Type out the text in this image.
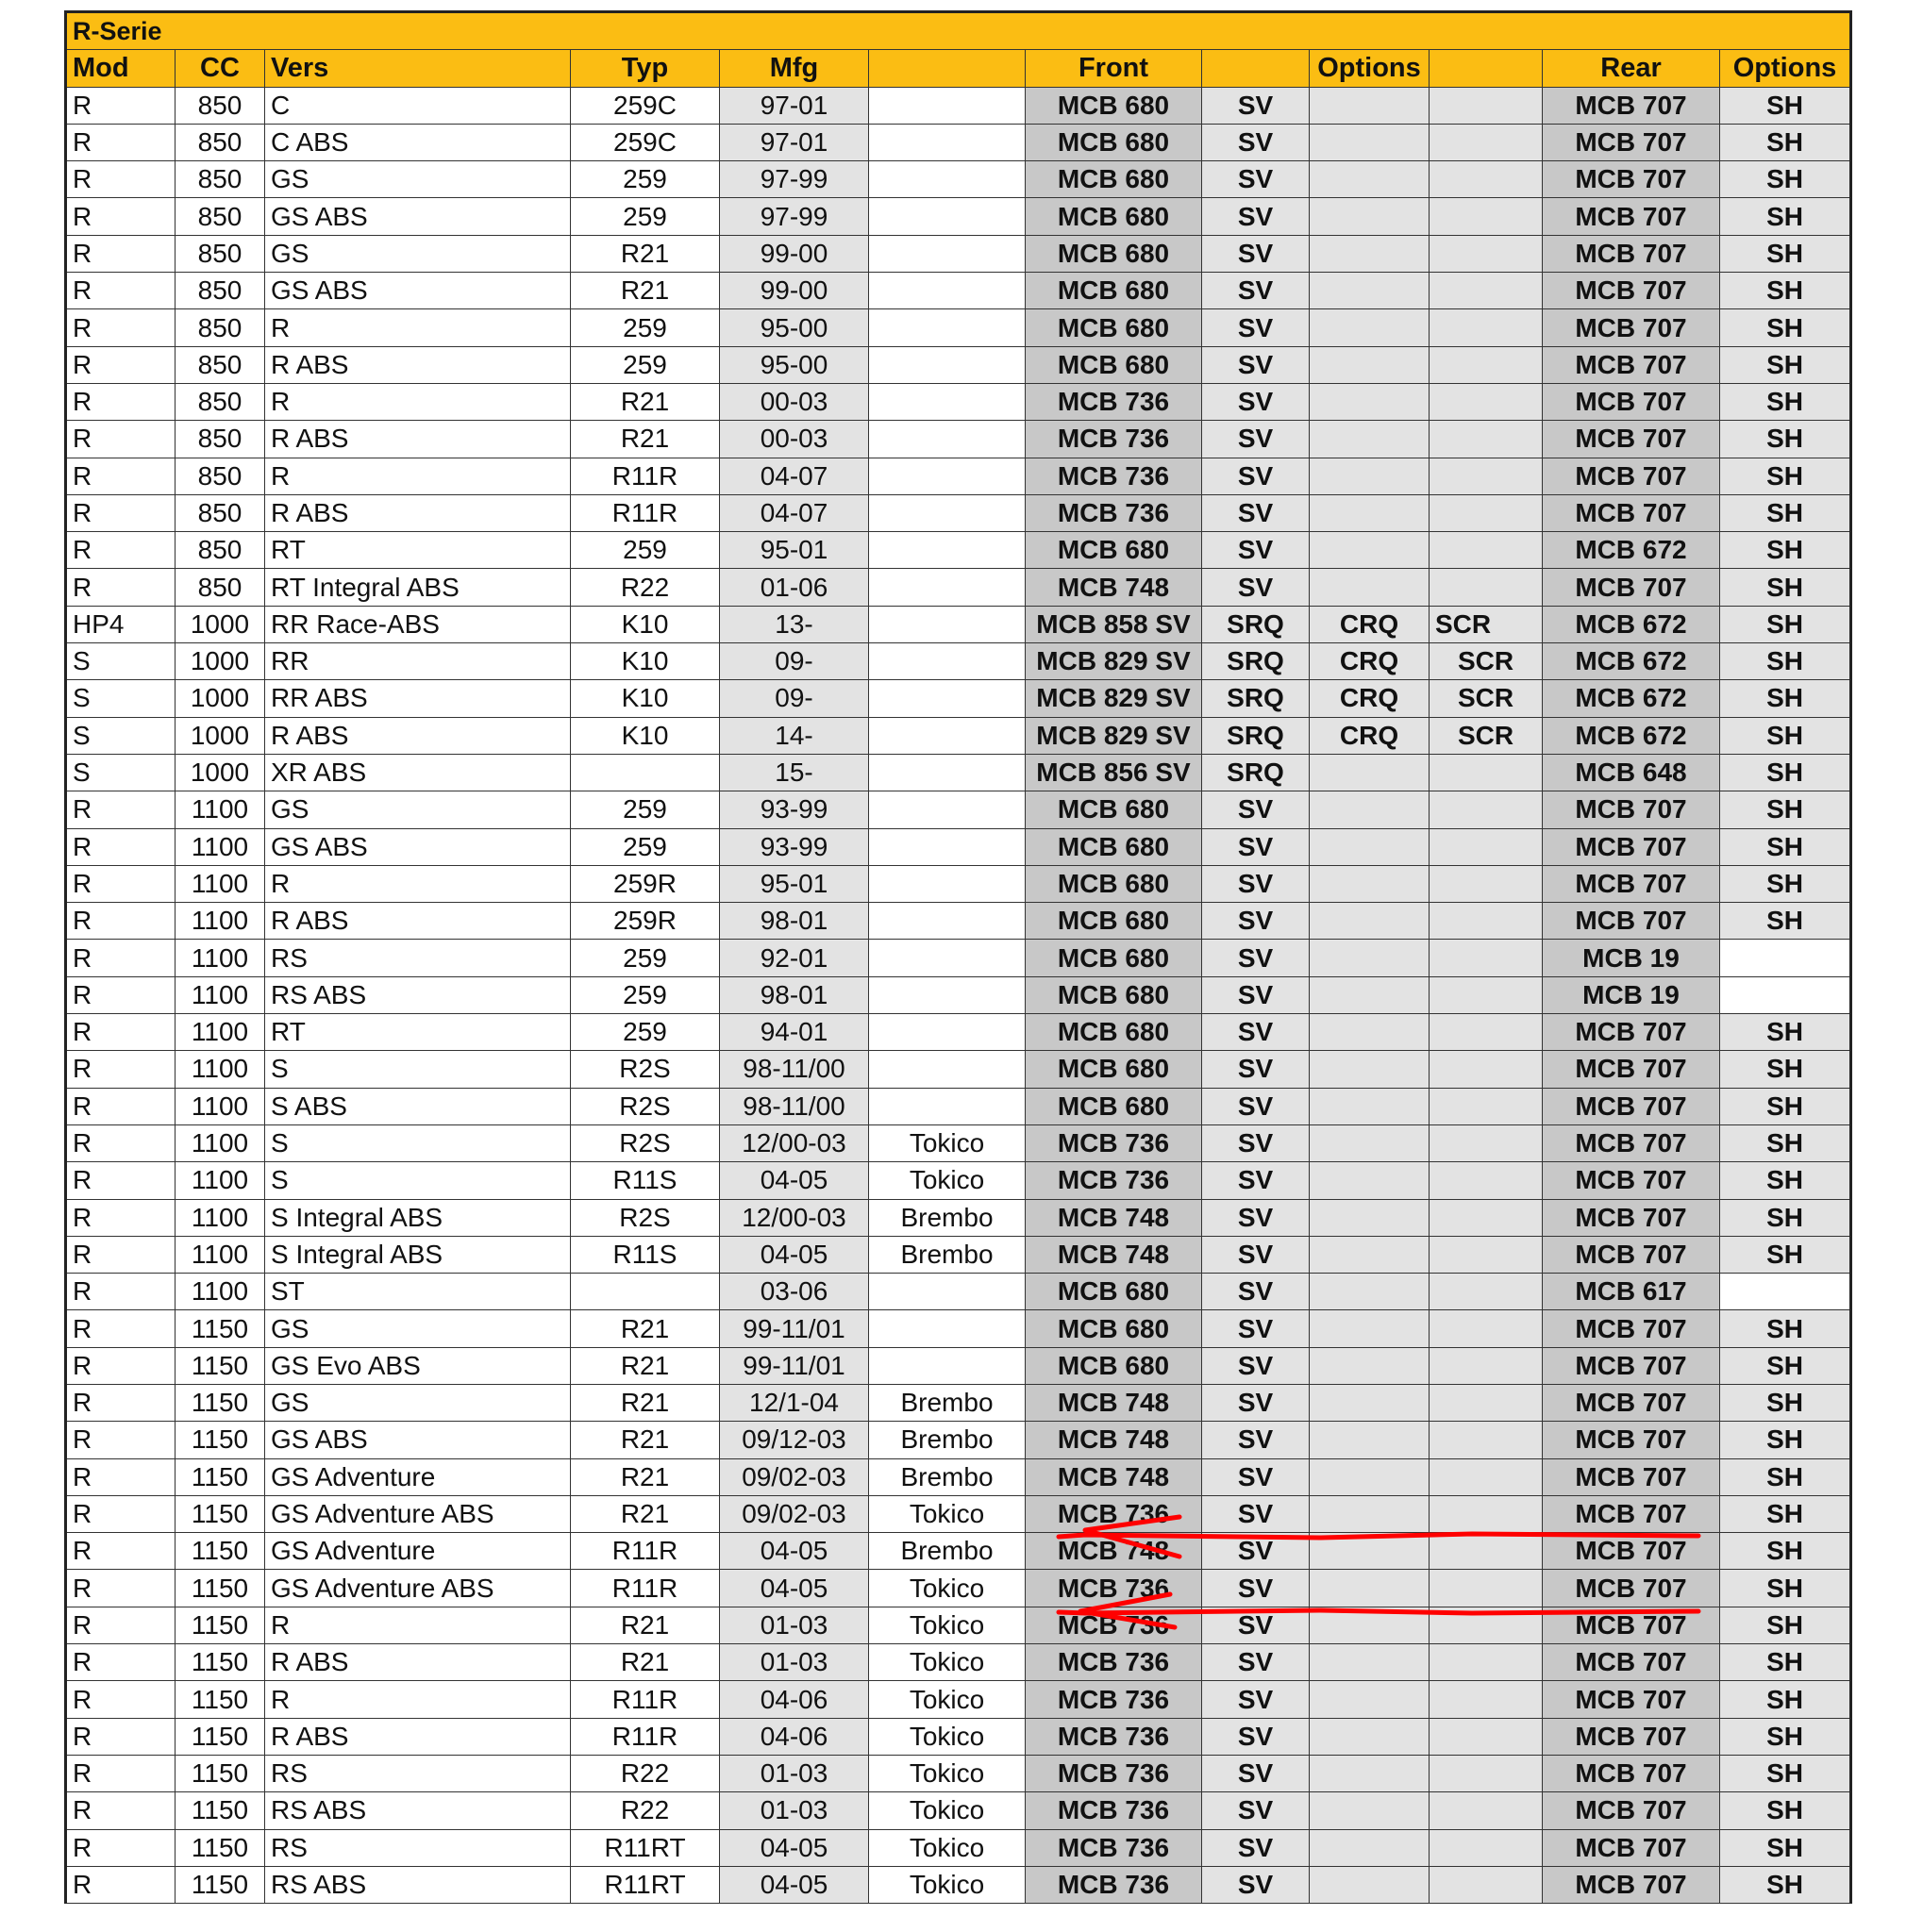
R-Serie											
Mod	CC	Vers	Typ	Mfg		Front		Options		Rear	Options
R	850	C	259C	97-01		MCB 680	SV			MCB 707	SH
R	850	C ABS	259C	97-01		MCB 680	SV			MCB 707	SH
R	850	GS	259	97-99		MCB 680	SV			MCB 707	SH
R	850	GS ABS	259	97-99		MCB 680	SV			MCB 707	SH
R	850	GS	R21	99-00		MCB 680	SV			MCB 707	SH
R	850	GS ABS	R21	99-00		MCB 680	SV			MCB 707	SH
R	850	R	259	95-00		MCB 680	SV			MCB 707	SH
R	850	R ABS	259	95-00		MCB 680	SV			MCB 707	SH
R	850	R	R21	00-03		MCB 736	SV			MCB 707	SH
R	850	R ABS	R21	00-03		MCB 736	SV			MCB 707	SH
R	850	R	R11R	04-07		MCB 736	SV			MCB 707	SH
R	850	R ABS	R11R	04-07		MCB 736	SV			MCB 707	SH
R	850	RT	259	95-01		MCB 680	SV			MCB 672	SH
R	850	RT Integral ABS	R22	01-06		MCB 748	SV			MCB 707	SH
HP4	1000	RR Race-ABS	K10	13-		MCB 858 SV	SRQ	CRQ	SCR	MCB 672	SH
S	1000	RR	K10	09-		MCB 829 SV	SRQ	CRQ	SCR	MCB 672	SH
S	1000	RR ABS	K10	09-		MCB 829 SV	SRQ	CRQ	SCR	MCB 672	SH
S	1000	R ABS	K10	14-		MCB 829 SV	SRQ	CRQ	SCR	MCB 672	SH
S	1000	XR ABS		15-		MCB 856 SV	SRQ			MCB 648	SH
R	1100	GS	259	93-99		MCB 680	SV			MCB 707	SH
R	1100	GS ABS	259	93-99		MCB 680	SV			MCB 707	SH
R	1100	R	259R	95-01		MCB 680	SV			MCB 707	SH
R	1100	R ABS	259R	98-01		MCB 680	SV			MCB 707	SH
R	1100	RS	259	92-01		MCB 680	SV			MCB 19	
R	1100	RS ABS	259	98-01		MCB 680	SV			MCB 19	
R	1100	RT	259	94-01		MCB 680	SV			MCB 707	SH
R	1100	S	R2S	98-11/00		MCB 680	SV			MCB 707	SH
R	1100	S ABS	R2S	98-11/00		MCB 680	SV			MCB 707	SH
R	1100	S	R2S	12/00-03	Tokico	MCB 736	SV			MCB 707	SH
R	1100	S	R11S	04-05	Tokico	MCB 736	SV			MCB 707	SH
R	1100	S Integral ABS	R2S	12/00-03	Brembo	MCB 748	SV			MCB 707	SH
R	1100	S Integral ABS	R11S	04-05	Brembo	MCB 748	SV			MCB 707	SH
R	1100	ST		03-06		MCB 680	SV			MCB 617	
R	1150	GS	R21	99-11/01		MCB 680	SV			MCB 707	SH
R	1150	GS Evo ABS	R21	99-11/01		MCB 680	SV			MCB 707	SH
R	1150	GS	R21	12/1-04	Brembo	MCB 748	SV			MCB 707	SH
R	1150	GS ABS	R21	09/12-03	Brembo	MCB 748	SV			MCB 707	SH
R	1150	GS Adventure	R21	09/02-03	Brembo	MCB 748	SV			MCB 707	SH
R	1150	GS Adventure ABS	R21	09/02-03	Tokico	MCB 736	SV			MCB 707	SH
R	1150	GS Adventure	R11R	04-05	Brembo	MCB 748	SV			MCB 707	SH
R	1150	GS Adventure ABS	R11R	04-05	Tokico	MCB 736	SV			MCB 707	SH
R	1150	R	R21	01-03	Tokico	MCB 736	SV			MCB 707	SH
R	1150	R ABS	R21	01-03	Tokico	MCB 736	SV			MCB 707	SH
R	1150	R	R11R	04-06	Tokico	MCB 736	SV			MCB 707	SH
R	1150	R ABS	R11R	04-06	Tokico	MCB 736	SV			MCB 707	SH
R	1150	RS	R22	01-03	Tokico	MCB 736	SV			MCB 707	SH
R	1150	RS ABS	R22	01-03	Tokico	MCB 736	SV			MCB 707	SH
R	1150	RS	R11RT	04-05	Tokico	MCB 736	SV			MCB 707	SH
R	1150	RS ABS	R11RT	04-05	Tokico	MCB 736	SV			MCB 707	SH
